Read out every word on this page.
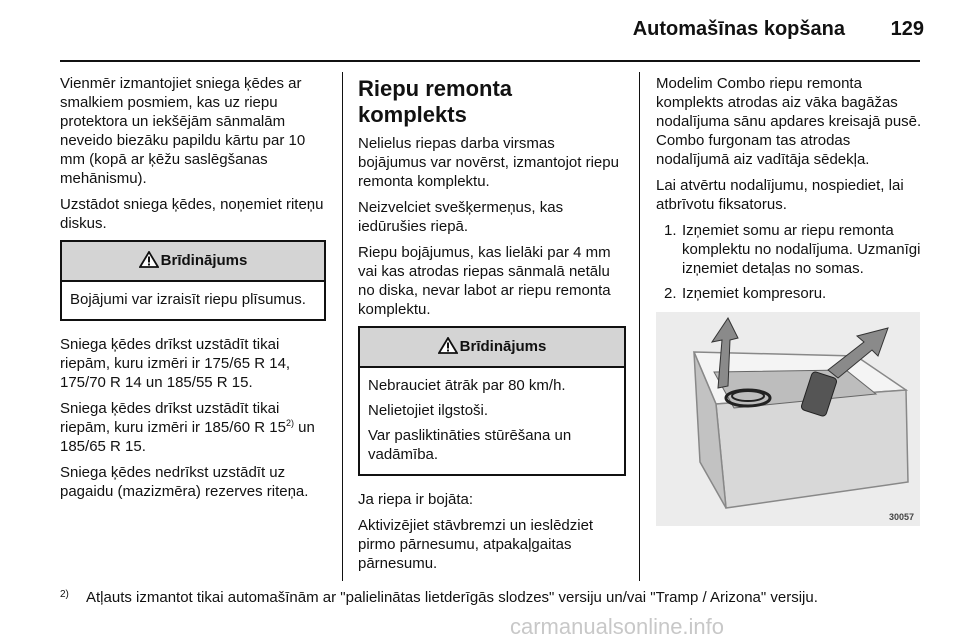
Automašīnas kopšana	129

Vienmēr izmantojiet sniega ķēdes ar smalkiem posmiem, kas uz riepu protektora un iekšējām sānmalām neveido biezāku papildu kārtu par 10 mm (kopā ar ķēžu saslēgšanas mehānismu).

Uzstādot sniega ķēdes, noņemiet riteņu diskus.

Brīdinājums

Bojājumi var izraisīt riepu plīsumus.

Sniega ķēdes drīkst uzstādīt tikai riepām, kuru izmēri ir 175/65 R 14, 175/70 R 14 un 185/55 R 15.

Sniega ķēdes drīkst uzstādīt tikai riepām, kuru izmēri ir 185/60 R 15$^{2)}$ un 185/65 R 15.

Sniega ķēdes nedrīkst uzstādīt uz pagaidu (mazizmēra) rezerves riteņa.

Riepu remonta komplekts

Nelielus riepas darba virsmas bojājumus var novērst, izmantojot riepu remonta komplektu.

Neizvelciet svešķermeņus, kas iedūrušies riepā.

Riepu bojājumus, kas lielāki par 4 mm vai kas atrodas riepas sānmalā netālu no diska, nevar labot ar riepu remonta komplektu.

Brīdinājums

Nebrauciet ātrāk par 80 km/h.

Nelietojiet ilgstoši.

Var pasliktināties stūrēšana un vadāmība.

Ja riepa ir bojāta:

Aktivizējiet stāvbremzi un ieslēdziet pirmo pārnesumu, atpakaļgaitas pārnesumu.

Modelim Combo riepu remonta komplekts atrodas aiz vāka bagāžas nodalījuma sānu apdares kreisajā pusē. Combo furgonam tas atrodas nodalījumā aiz vadītāja sēdekļa.

Lai atvērtu nodalījumu, nospiediet, lai atbrīvotu fiksatorus.

1. Izņemiet somu ar riepu remonta komplektu no nodalījuma. Uzmanīgi izņemiet detaļas no somas.
2. Izņemiet kompresoru.
30057
2)	Atļauts izmantot tikai automašīnām ar "palielinātas lietderīgās slodzes" versiju un/vai "Tramp / Arizona" versiju.
carmanualsonline.info
